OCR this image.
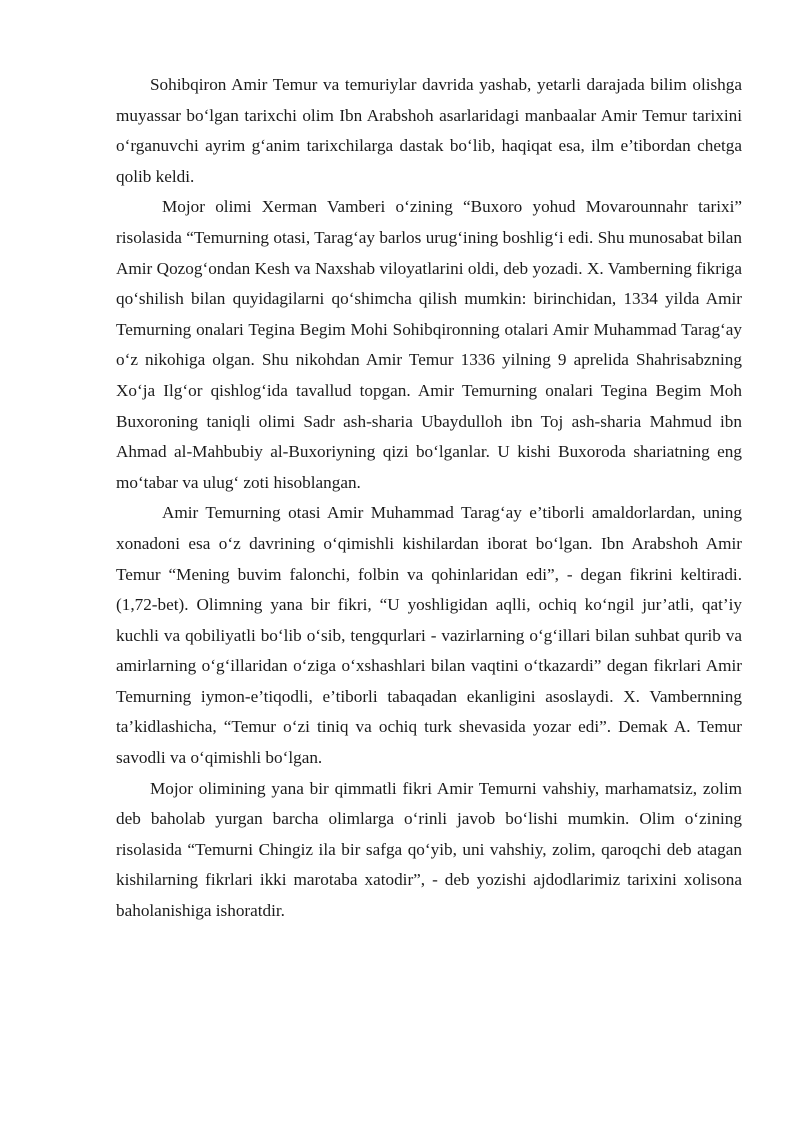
Sohibqiron Amir Temur va temuriylar davrida yashab, yetarli darajada bilim olishga muyassar boʻlgan tarixchi olim Ibn Arabshoh asarlaridagi manbaalar Amir Temur tarixini oʻrganuvchi ayrim gʻanim tarixchilarga dastak boʻlib, haqiqat esa, ilm e’tibordan chetga qolib keldi.

Mojor olimi Xerman Vamberi oʻzining “Buxoro yohud Movarounnahr tarixi” risolasida “Temurning otasi, Taragʻay barlos urugʻining boshligʻi edi. Shu munosabat bilan Amir Qozogʻondan Kesh va Naxshab viloyatlarini oldi, deb yozadi. X. Vamberning fikriga qoʻshilish bilan quyidagilarni qoʻshimcha qilish mumkin: birinchidan, 1334 yilda Amir Temurning onalari Tegina Begim Mohi Sohibqironning otalari Amir Muhammad Taragʻay oʻz nikohiga olgan. Shu nikohdan Amir Temur 1336 yilning 9 aprelida Shahrisabzning Xoʻja Ilgʻor qishlogʻida tavallud topgan. Amir Temurning onalari Tegina Begim Moh Buxoroning taniqli olimi Sadr ash-sharia Ubaydulloh ibn Toj ash-sharia Mahmud ibn Ahmad al-Mahbubiy al-Buxoriyning qizi boʻlganlar. U kishi Buxoroda shariatning eng moʻtabar va ulugʻ zoti hisoblangan.

Amir Temurning otasi Amir Muhammad Taragʻay e’tiborli amaldorlardan, uning xonadoni esa oʻz davrining oʻqimishli kishilardan iborat boʻlgan. Ibn Arabshoh Amir Temur “Mening buvim falonchi, folbin va qohinlaridan edi”, - degan fikrini keltiradi. (1,72-bet). Olimning yana bir fikri, “U yoshligidan aqlli, ochiq koʻngil jur’atli, qat’iy kuchli va qobiliyatli boʻlib oʻsib, tengqurlari - vazirlarning oʻgʻillari bilan suhbat qurib va amirlarning oʻgʻillaridan oʻziga oʻxshashlari bilan vaqtini oʻtkazardi” degan fikrlari Amir Temurning iymon-e’tiqodli, e’tiborli tabaqadan ekanligini asoslaydi. X. Vambernning ta’kidlashicha, “Temur oʻzi tiniq va ochiq turk shevasida yozar edi”. Demak A. Temur savodli va oʻqimishli boʻlgan.

Mojor olimining yana bir qimmatli fikri Amir Temurni vahshiy, marhamatsiz, zolim deb baholab yurgan barcha olimlarga oʻrinli javob boʻlishi mumkin. Olim oʻzining risolasida “Temurni Chingiz ila bir safga qoʻyib, uni vahshiy, zolim, qaroqchi deb atagan kishilarning fikrlari ikki marotaba xatodir”, - deb yozishi ajdodlarimiz tarixini xolisona baholanishiga ishoratdir.
